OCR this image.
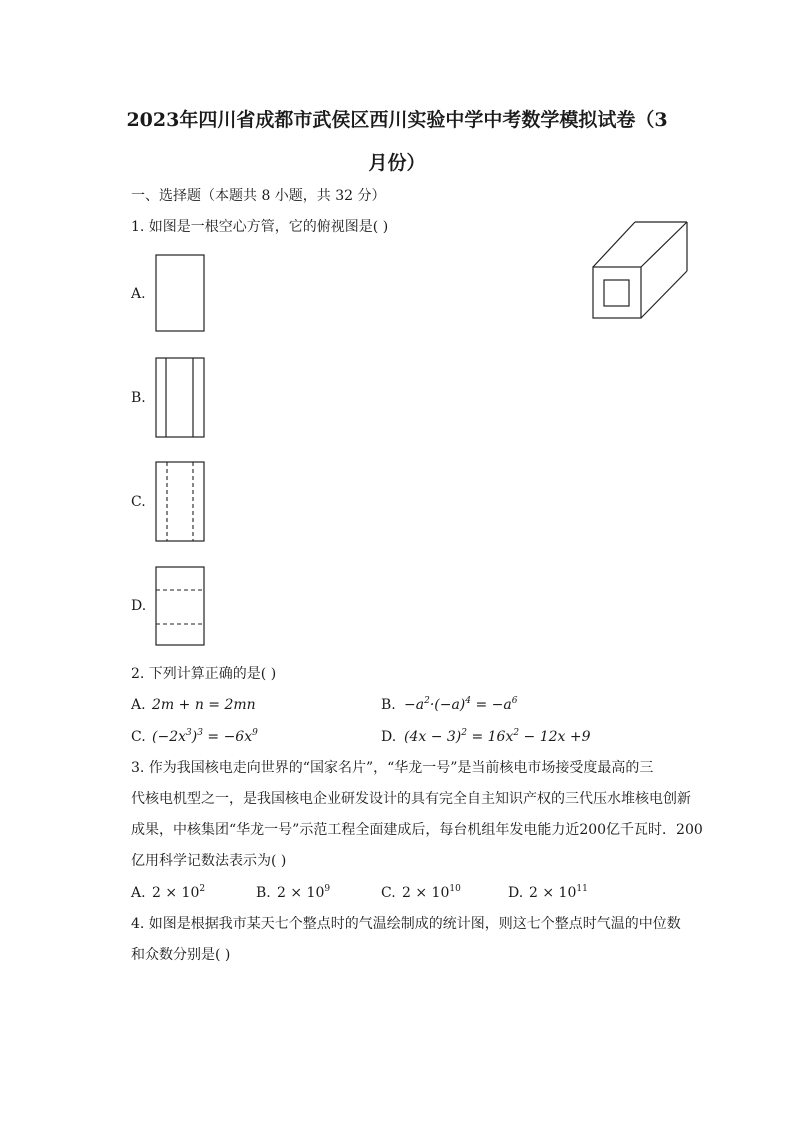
2023年四川省成都市武侯区西川实验中学中考数学模拟试卷（3
月份）
一、选择题（本题共 8 小题，共 32 分）
1. 如图是一根空心方管，它的俯视图是( )
A.
B.
C.
D.
2. 下列计算正确的是( )
A. 2m + n = 2mn	B. $-a^2\cdot(-a)^4 = -a^6$
C. $(-2x^3)^3 = -6x^9$	D. $(4x - 3)^2 = 16x^2 - 12x +9$
3. 作为我国核电走向世界的“国家名片”，“华龙一号”是当前核电市场接受度最高的三
代核电机型之一，是我国核电企业研发设计的具有完全自主知识产权的三代压水堆核电创新
成果，中核集团“华龙一号”示范工程全面建成后，每台机组年发电能力近200亿千瓦时．200
亿用科学记数法表示为( )
A. $2 \times 10^2$	B. $2 \times 10^9$	C. $2 \times 10^{10}$	D. $2 \times 10^{11}$
4. 如图是根据我市某天七个整点时的气温绘制成的统计图，则这七个整点时气温的中位数
和众数分别是( )
